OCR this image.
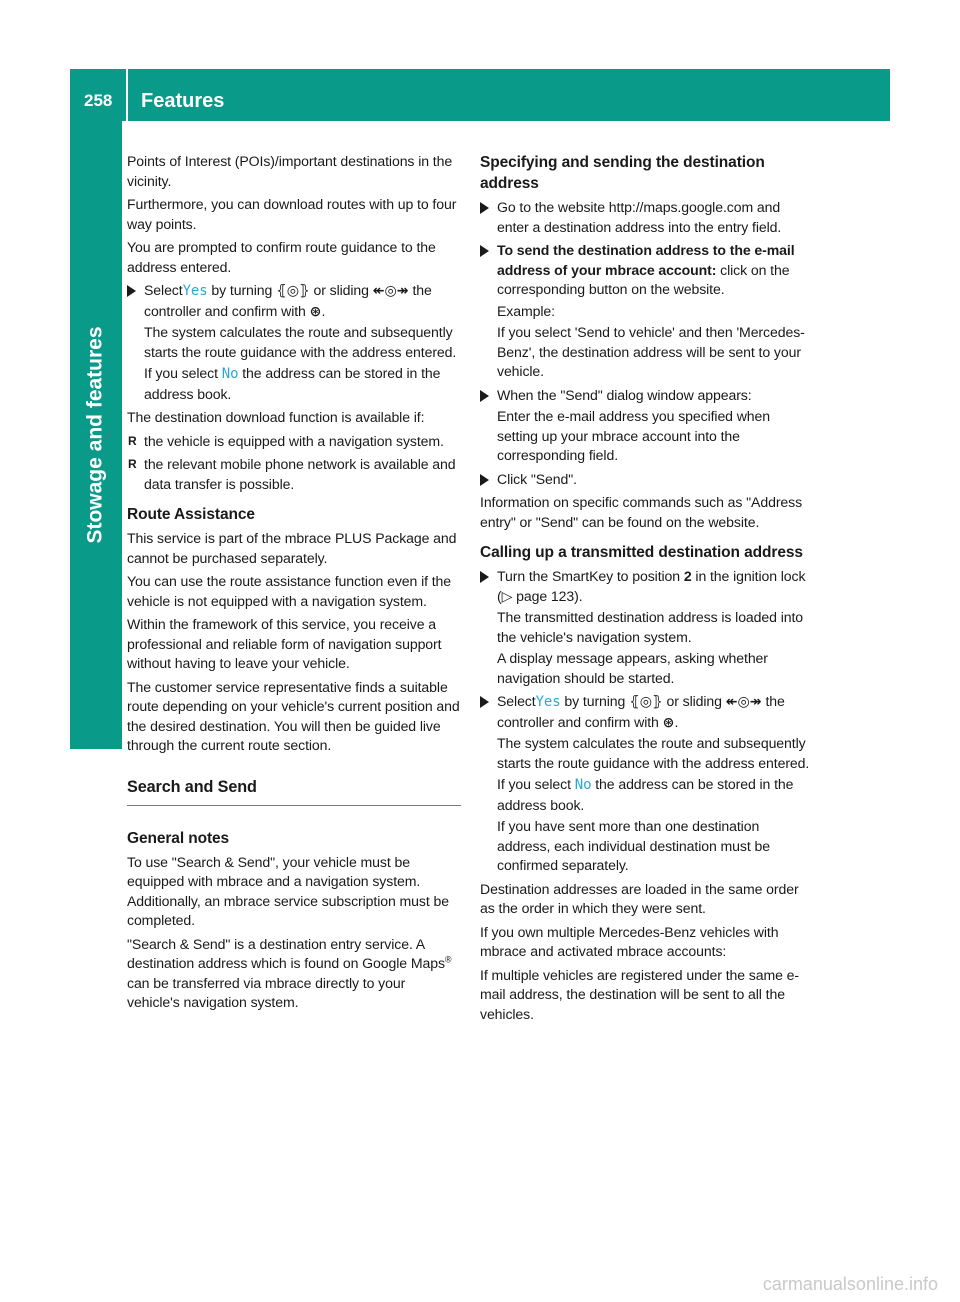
258 Features
Stowage and features

Points of Interest (POIs)/important destinations in the vicinity.

Furthermore, you can download routes with up to four way points.

You are prompted to confirm route guidance to the address entered.

SelectYes by turning ⦃◎⦄ or sliding ↞◎↠ the controller and confirm with ⊛.
The system calculates the route and subsequently starts the route guidance with the address entered.
If you select No the address can be stored in the address book.

The destination download function is available if:

R the vehicle is equipped with a navigation system.
R the relevant mobile phone network is available and data transfer is possible.
Route Assistance

This service is part of the mbrace PLUS Package and cannot be purchased separately.

You can use the route assistance function even if the vehicle is not equipped with a navigation system.

Within the framework of this service, you receive a professional and reliable form of navigation support without having to leave your vehicle.

The customer service representative finds a suitable route depending on your vehicle's current position and the desired destination. You will then be guided live through the current route section.

Search and Send
General notes

To use "Search & Send", your vehicle must be equipped with mbrace and a navigation system. Additionally, an mbrace service subscription must be completed.

"Search & Send" is a destination entry service. A destination address which is found on Google Maps® can be transferred via mbrace directly to your vehicle's navigation system.

Specifying and sending the destination address
Go to the website http://maps.google.com and enter a destination address into the entry field.
To send the destination address to the e-mail address of your mbrace account: click on the corresponding button on the website.
Example:
If you select 'Send to vehicle' and then 'Mercedes-Benz', the destination address will be sent to your vehicle.
When the "Send" dialog window appears:
Enter the e-mail address you specified when setting up your mbrace account into the corresponding field.
Click "Send".

Information on specific commands such as "Address entry" or "Send" can be found on the website.

Calling up a transmitted destination address
Turn the SmartKey to position 2 in the ignition lock (▷ page 123).
The transmitted destination address is loaded into the vehicle's navigation system.
A display message appears, asking whether navigation should be started.
SelectYes by turning ⦃◎⦄ or sliding ↞◎↠ the controller and confirm with ⊛.
The system calculates the route and subsequently starts the route guidance with the address entered.
If you select No the address can be stored in the address book.
If you have sent more than one destination address, each individual destination must be confirmed separately.

Destination addresses are loaded in the same order as the order in which they were sent.

If you own multiple Mercedes-Benz vehicles with mbrace and activated mbrace accounts:

If multiple vehicles are registered under the same e-mail address, the destination will be sent to all the vehicles.

carmanualsonline.info
